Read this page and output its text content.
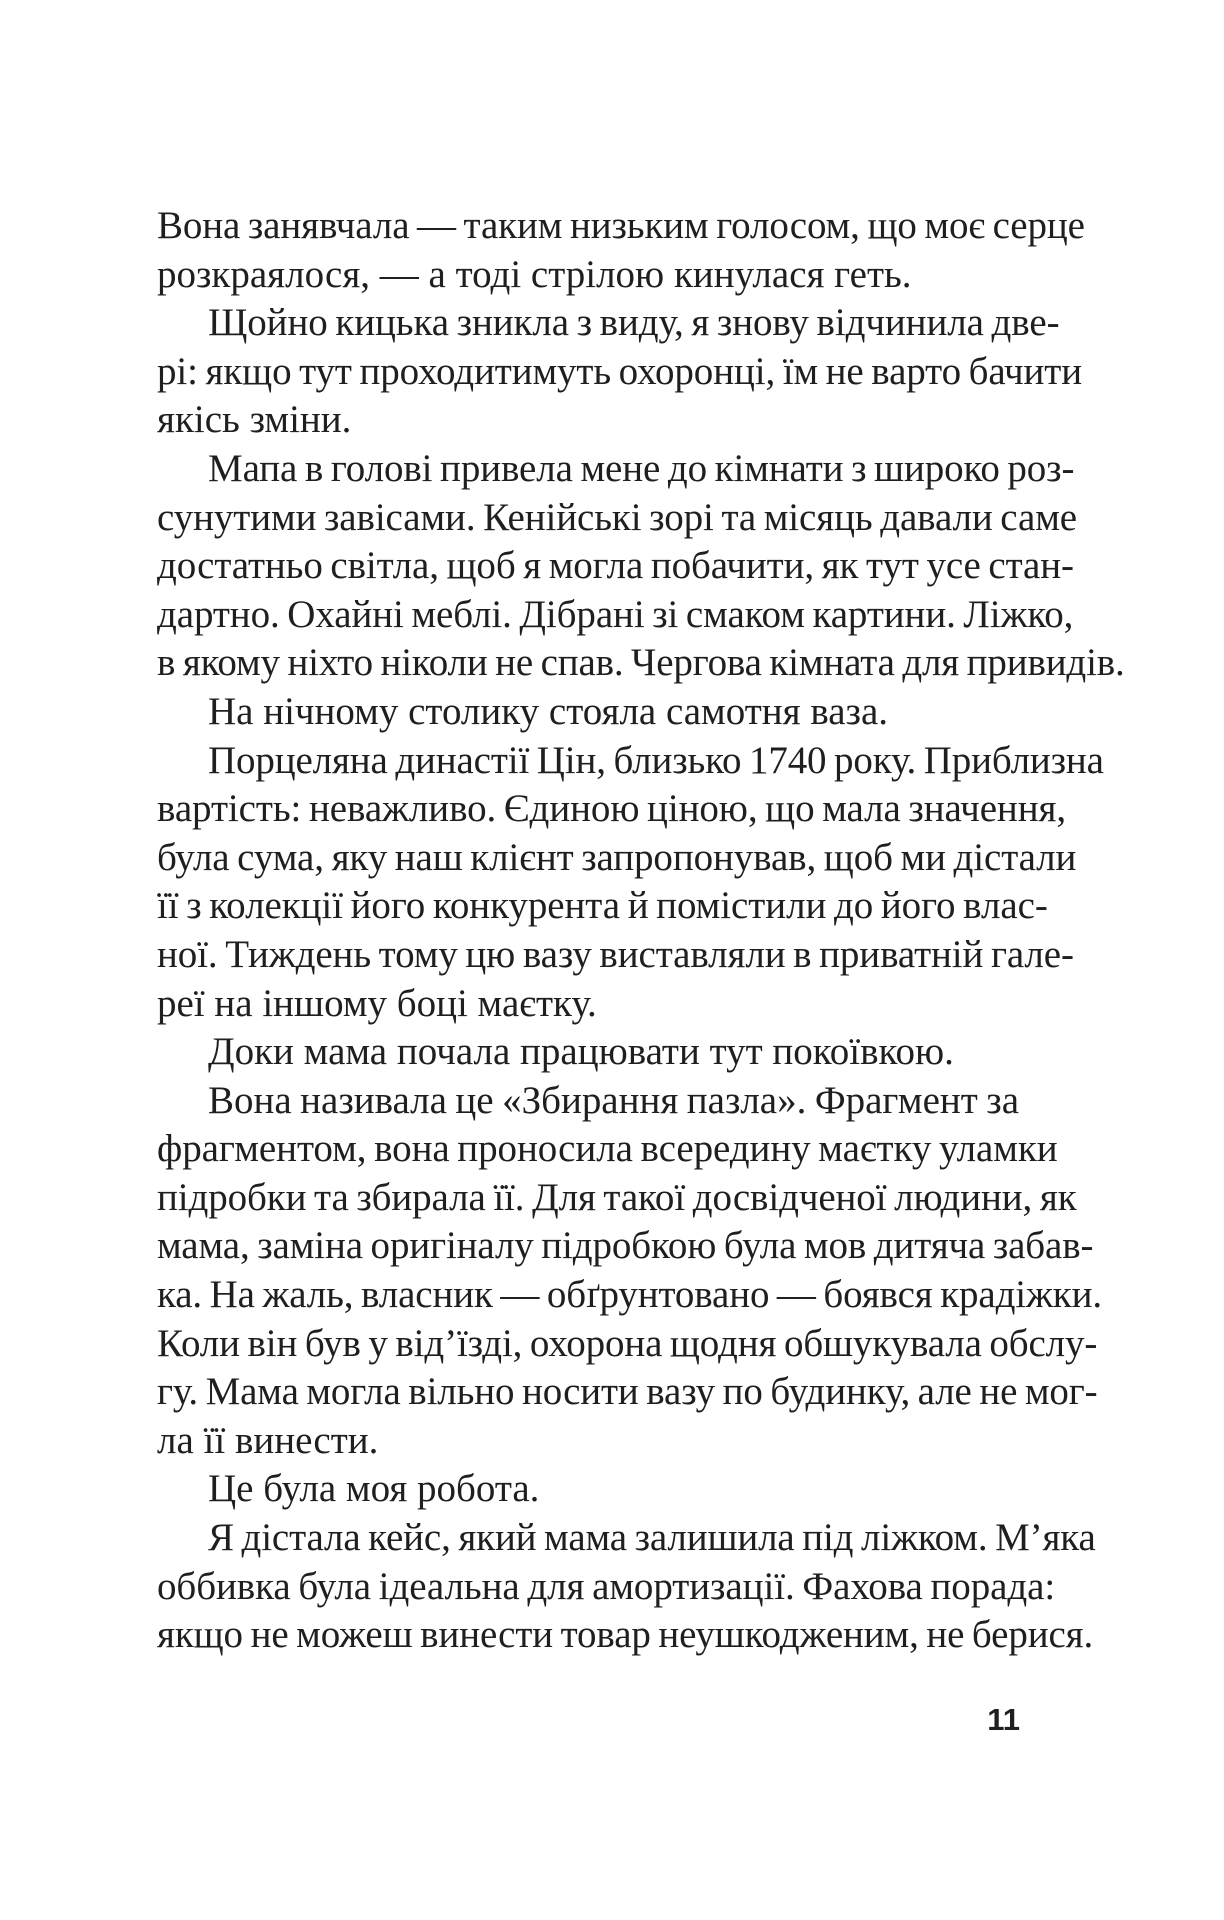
Вона занявчала — таким низьким голосом, що моє серце
розкраялося, — а тоді стрілою кинулася геть.
Щойно кицька зникла з виду, я знову відчинила две-
рі: якщо тут проходитимуть охоронці, їм не варто бачити
якісь зміни.
Мапа в голові привела мене до кімнати з широко роз-
сунутими завісами. Кенійські зорі та місяць давали саме
достатньо світла, щоб я могла побачити, як тут усе стан-
дартно. Охайні меблі. Дібрані зі смаком картини. Ліжко,
в якому ніхто ніколи не спав. Чергова кімната для привидів.
На нічному столику стояла самотня ваза.
Порцеляна династії Цін, близько 1740 року. Приблизна
вартість: неважливо. Єдиною ціною, що мала значення,
була сума, яку наш клієнт запропонував, щоб ми дістали
її з колекції його конкурента й помістили до його влас-
ної. Тиждень тому цю вазу виставляли в приватній гале-
реї на іншому боці маєтку.
Доки мама почала працювати тут покоївкою.
Вона називала це «Збирання пазла». Фрагмент за
фрагментом, вона проносила всередину маєтку уламки
підробки та збирала її. Для такої досвідченої людини, як
мама, заміна оригіналу підробкою була мов дитяча забав-
ка. На жаль, власник — обґрунтовано — боявся крадіжки.
Коли він був у від’їзді, охорона щодня обшукувала обслу-
гу. Мама могла вільно носити вазу по будинку, але не мог-
ла її винести.
Це була моя робота.
Я дістала кейс, який мама залишила під ліжком. М’яка
оббивка була ідеальна для амортизації. Фахова порада:
якщо не можеш винести товар неушкодженим, не берися.
11
